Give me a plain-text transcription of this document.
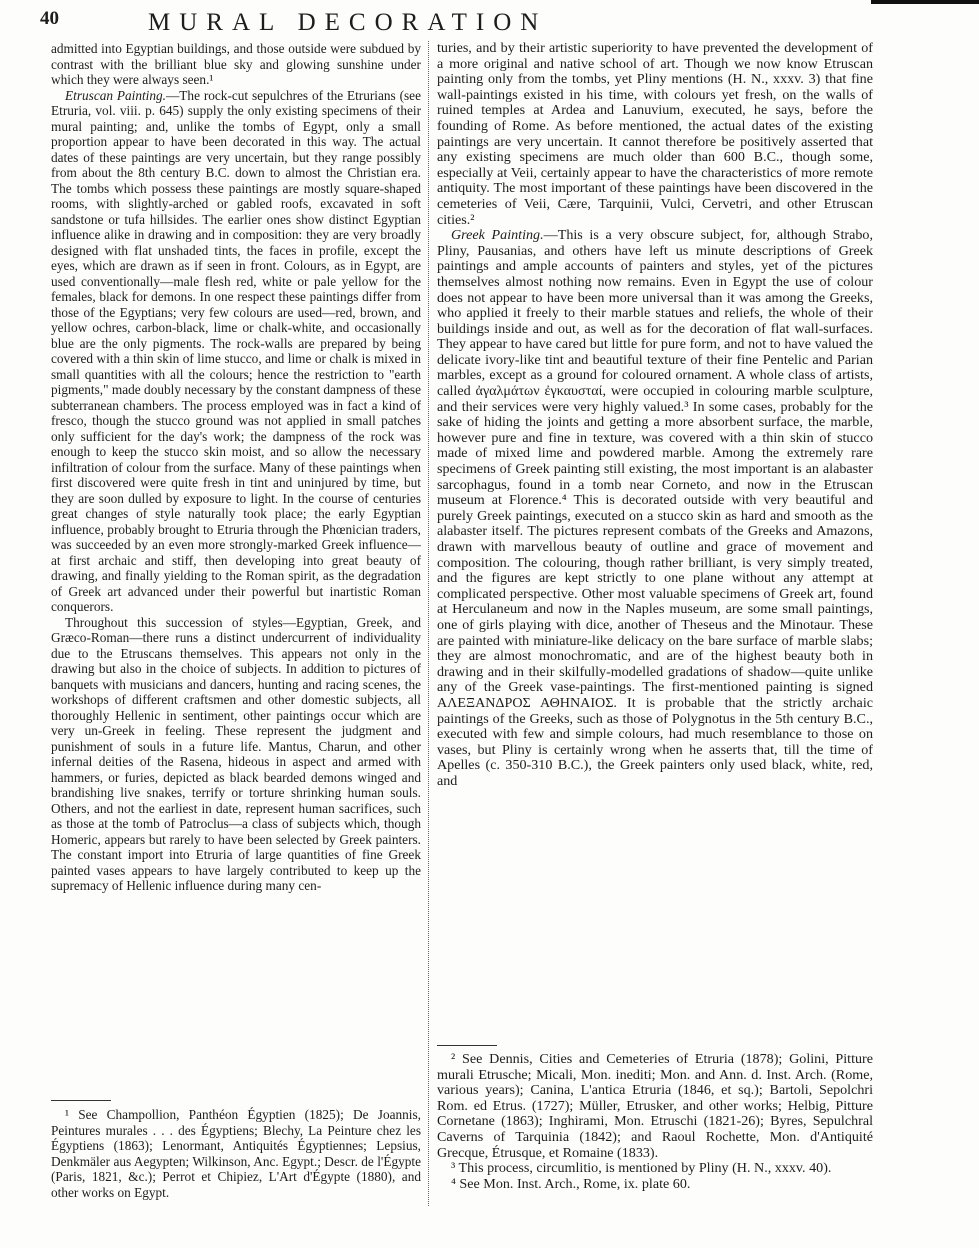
40	MURAL DECORATION

admitted into Egyptian buildings, and those outside were subdued by contrast with the brilliant blue sky and glowing sunshine under which they were always seen.¹

Etruscan Painting.—The rock-cut sepulchres of the Etrurians (see Etruria, vol. viii. p. 645) supply the only existing specimens of their mural painting; and, unlike the tombs of Egypt, only a small proportion appear to have been decorated in this way. The actual dates of these paintings are very uncertain, but they range possibly from about the 8th century B.C. down to almost the Christian era. The tombs which possess these paintings are mostly square-shaped rooms, with slightly-arched or gabled roofs, excavated in soft sandstone or tufa hillsides. The earlier ones show distinct Egyptian influence alike in drawing and in composition: they are very broadly designed with flat unshaded tints, the faces in profile, except the eyes, which are drawn as if seen in front. Colours, as in Egypt, are used conventionally—male flesh red, white or pale yellow for the females, black for demons. In one respect these paintings differ from those of the Egyptians; very few colours are used—red, brown, and yellow ochres, carbon-black, lime or chalk-white, and occasionally blue are the only pigments. The rock-walls are prepared by being covered with a thin skin of lime stucco, and lime or chalk is mixed in small quantities with all the colours; hence the restriction to "earth pigments," made doubly necessary by the constant dampness of these subterranean chambers. The process employed was in fact a kind of fresco, though the stucco ground was not applied in small patches only sufficient for the day's work; the dampness of the rock was enough to keep the stucco skin moist, and so allow the necessary infiltration of colour from the surface. Many of these paintings when first discovered were quite fresh in tint and uninjured by time, but they are soon dulled by exposure to light. In the course of centuries great changes of style naturally took place; the early Egyptian influence, probably brought to Etruria through the Phœnician traders, was succeeded by an even more strongly-marked Greek influence—at first archaic and stiff, then developing into great beauty of drawing, and finally yielding to the Roman spirit, as the degradation of Greek art advanced under their powerful but inartistic Roman conquerors.

Throughout this succession of styles—Egyptian, Greek, and Græco-Roman—there runs a distinct undercurrent of individuality due to the Etruscans themselves. This appears not only in the drawing but also in the choice of subjects. In addition to pictures of banquets with musicians and dancers, hunting and racing scenes, the workshops of different craftsmen and other domestic subjects, all thoroughly Hellenic in sentiment, other paintings occur which are very un-Greek in feeling. These represent the judgment and punishment of souls in a future life. Mantus, Charun, and other infernal deities of the Rasena, hideous in aspect and armed with hammers, or furies, depicted as black bearded demons winged and brandishing live snakes, terrify or torture shrinking human souls. Others, and not the earliest in date, represent human sacrifices, such as those at the tomb of Patroclus—a class of subjects which, though Homeric, appears but rarely to have been selected by Greek painters. The constant import into Etruria of large quantities of fine Greek painted vases appears to have largely contributed to keep up the supremacy of Hellenic influence during many cen-

¹ See Champollion, Panthéon Égyptien (1825); De Joannis, Peintures murales . . . des Égyptiens; Blechy, La Peinture chez les Égyptiens (1863); Lenormant, Antiquités Égyptiennes; Lepsius, Denkmäler aus Aegypten; Wilkinson, Anc. Egypt.; Descr. de l'Égypte (Paris, 1821, &c.); Perrot et Chipiez, L'Art d'Égypte (1880), and other works on Egypt.

turies, and by their artistic superiority to have prevented the development of a more original and native school of art. Though we now know Etruscan painting only from the tombs, yet Pliny mentions (H. N., xxxv. 3) that fine wall-paintings existed in his time, with colours yet fresh, on the walls of ruined temples at Ardea and Lanuvium, executed, he says, before the founding of Rome. As before mentioned, the actual dates of the existing paintings are very uncertain. It cannot therefore be positively asserted that any existing specimens are much older than 600 B.C., though some, especially at Veii, certainly appear to have the characteristics of more remote antiquity. The most important of these paintings have been discovered in the cemeteries of Veii, Cære, Tarquinii, Vulci, Cervetri, and other Etruscan cities.²

Greek Painting.—This is a very obscure subject, for, although Strabo, Pliny, Pausanias, and others have left us minute descriptions of Greek paintings and ample accounts of painters and styles, yet of the pictures themselves almost nothing now remains. Even in Egypt the use of colour does not appear to have been more universal than it was among the Greeks, who applied it freely to their marble statues and reliefs, the whole of their buildings inside and out, as well as for the decoration of flat wall-surfaces. They appear to have cared but little for pure form, and not to have valued the delicate ivory-like tint and beautiful texture of their fine Pentelic and Parian marbles, except as a ground for coloured ornament. A whole class of artists, called ἀγαλμάτων ἐγκαυσταί, were occupied in colouring marble sculpture, and their services were very highly valued.³ In some cases, probably for the sake of hiding the joints and getting a more absorbent surface, the marble, however pure and fine in texture, was covered with a thin skin of stucco made of mixed lime and powdered marble. Among the extremely rare specimens of Greek painting still existing, the most important is an alabaster sarcophagus, found in a tomb near Corneto, and now in the Etruscan museum at Florence.⁴ This is decorated outside with very beautiful and purely Greek paintings, executed on a stucco skin as hard and smooth as the alabaster itself. The pictures represent combats of the Greeks and Amazons, drawn with marvellous beauty of outline and grace of movement and composition. The colouring, though rather brilliant, is very simply treated, and the figures are kept strictly to one plane without any attempt at complicated perspective. Other most valuable specimens of Greek art, found at Herculaneum and now in the Naples museum, are some small paintings, one of girls playing with dice, another of Theseus and the Minotaur. These are painted with miniature-like delicacy on the bare surface of marble slabs; they are almost monochromatic, and are of the highest beauty both in drawing and in their skilfully-modelled gradations of shadow—quite unlike any of the Greek vase-paintings. The first-mentioned painting is signed ΑΛΕΞΑΝΔΡΟΣ ΑΘΗΝΑΙΟΣ. It is probable that the strictly archaic paintings of the Greeks, such as those of Polygnotus in the 5th century B.C., executed with few and simple colours, had much resemblance to those on vases, but Pliny is certainly wrong when he asserts that, till the time of Apelles (c. 350-310 B.C.), the Greek painters only used black, white, red, and

² See Dennis, Cities and Cemeteries of Etruria (1878); Golini, Pitture murali Etrusche; Micali, Mon. inediti; Mon. and Ann. d. Inst. Arch. (Rome, various years); Canina, L'antica Etruria (1846, et sq.); Bartoli, Sepolchri Rom. ed Etrus. (1727); Müller, Etrusker, and other works; Helbig, Pitture Cornetane (1863); Inghirami, Mon. Etruschi (1821-26); Byres, Sepulchral Caverns of Tarquinia (1842); and Raoul Rochette, Mon. d'Antiquité Grecque, Étrusque, et Romaine (1833).

³ This process, circumlitio, is mentioned by Pliny (H. N., xxxv. 40).

⁴ See Mon. Inst. Arch., Rome, ix. plate 60.
